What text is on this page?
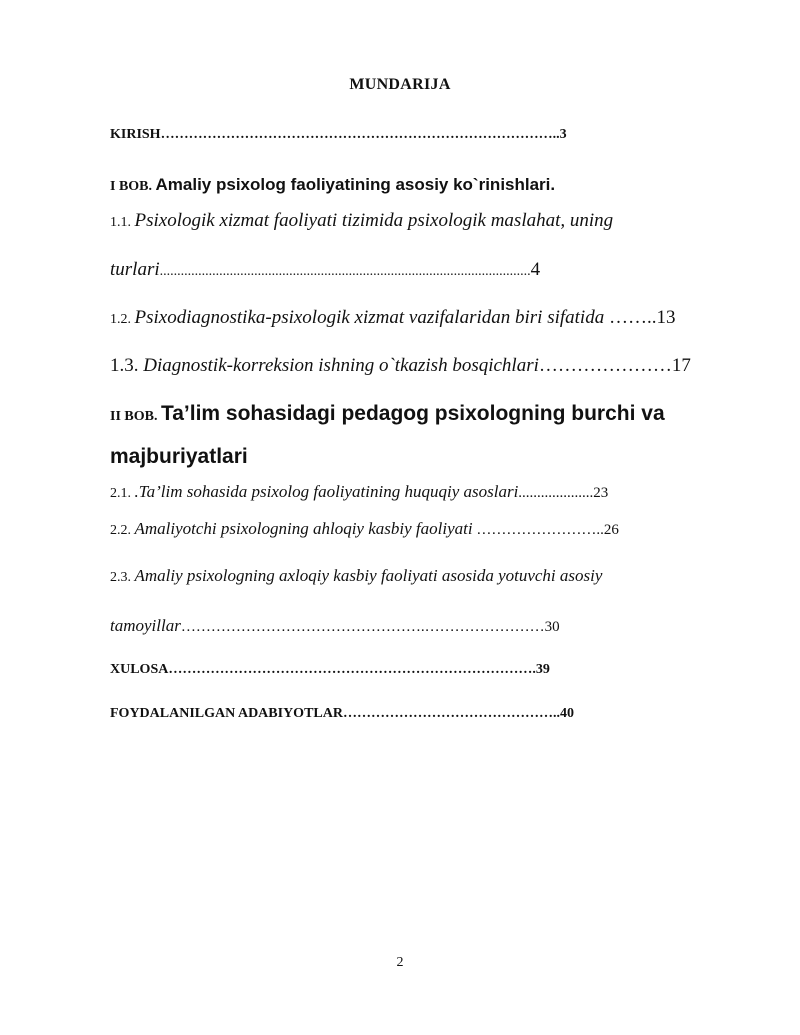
MUNDARIJA
KIRISH…………………………………………………………………………..3
I BOB. Amaliy psixolog faoliyatining asosiy ko`rinishlari.
1.1. Psixologik xizmat faoliyati tizimida psixologik maslahat, uning
turlari..........................................................................................................4
1.2. Psixodiagnostika-psixologik xizmat vazifalaridan biri sifatida ……..13
1.3. Diagnostik-korreksion ishning o`tkazish bosqichlari…………………17
II BOB. Ta’lim sohasidagi pedagog psixologning burchi va
majburiyatlari
2.1. .Ta’lim sohasida psixolog faoliyatining huquqiy asoslari....................23
2.2. Amaliyotchi psixologning ahloqiy kasbiy faoliyati ……………………..26
2.3. Amaliy psixologning axloqiy kasbiy faoliyati asosida yotuvchi asosiy
tamoyillar………………………………………….……………………30
XULOSA…………………………………………………………………….39
FOYDALANILGAN ADABIYOTLAR………………………………………..40
2
